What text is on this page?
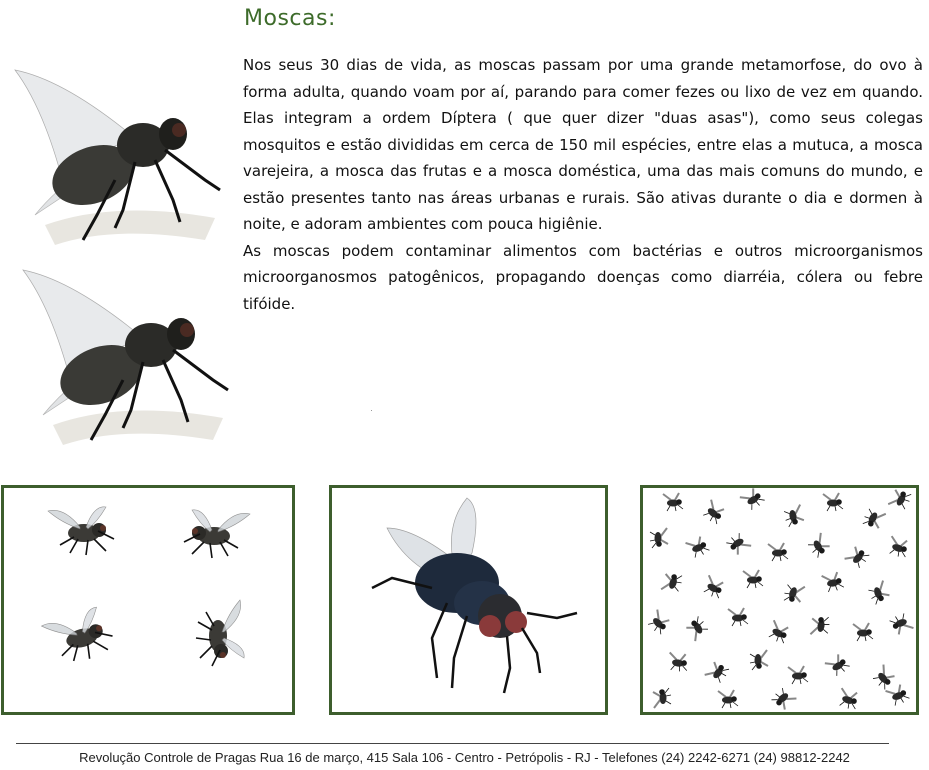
Moscas:

Nos seus 30 dias de vida, as moscas passam por uma grande metamorfose, do ovo à forma adulta, quando voam por aí, parando para comer fezes ou lixo de vez em quando. Elas integram a ordem Díptera ( que quer dizer "duas asas"), como seus colegas mosquitos e estão divididas em cerca de 150 mil espécies, entre elas a mutuca, a mosca varejeira, a mosca das frutas e a mosca doméstica, uma das mais comuns do mundo, e estão presentes tanto nas áreas urbanas e rurais. São ativas durante o dia e dormen à noite, e adoram ambientes com pouca higiênie.

As moscas podem contaminar alimentos com bactérias e outros microorganismos microorganosmos patogênicos, propagando doenças como diarréia, cólera ou febre tifóide.

Revolução Controle de Pragas Rua 16 de março, 415 Sala 106 - Centro - Petrópolis - RJ - Telefones (24) 2242-6271 (24) 98812-2242
